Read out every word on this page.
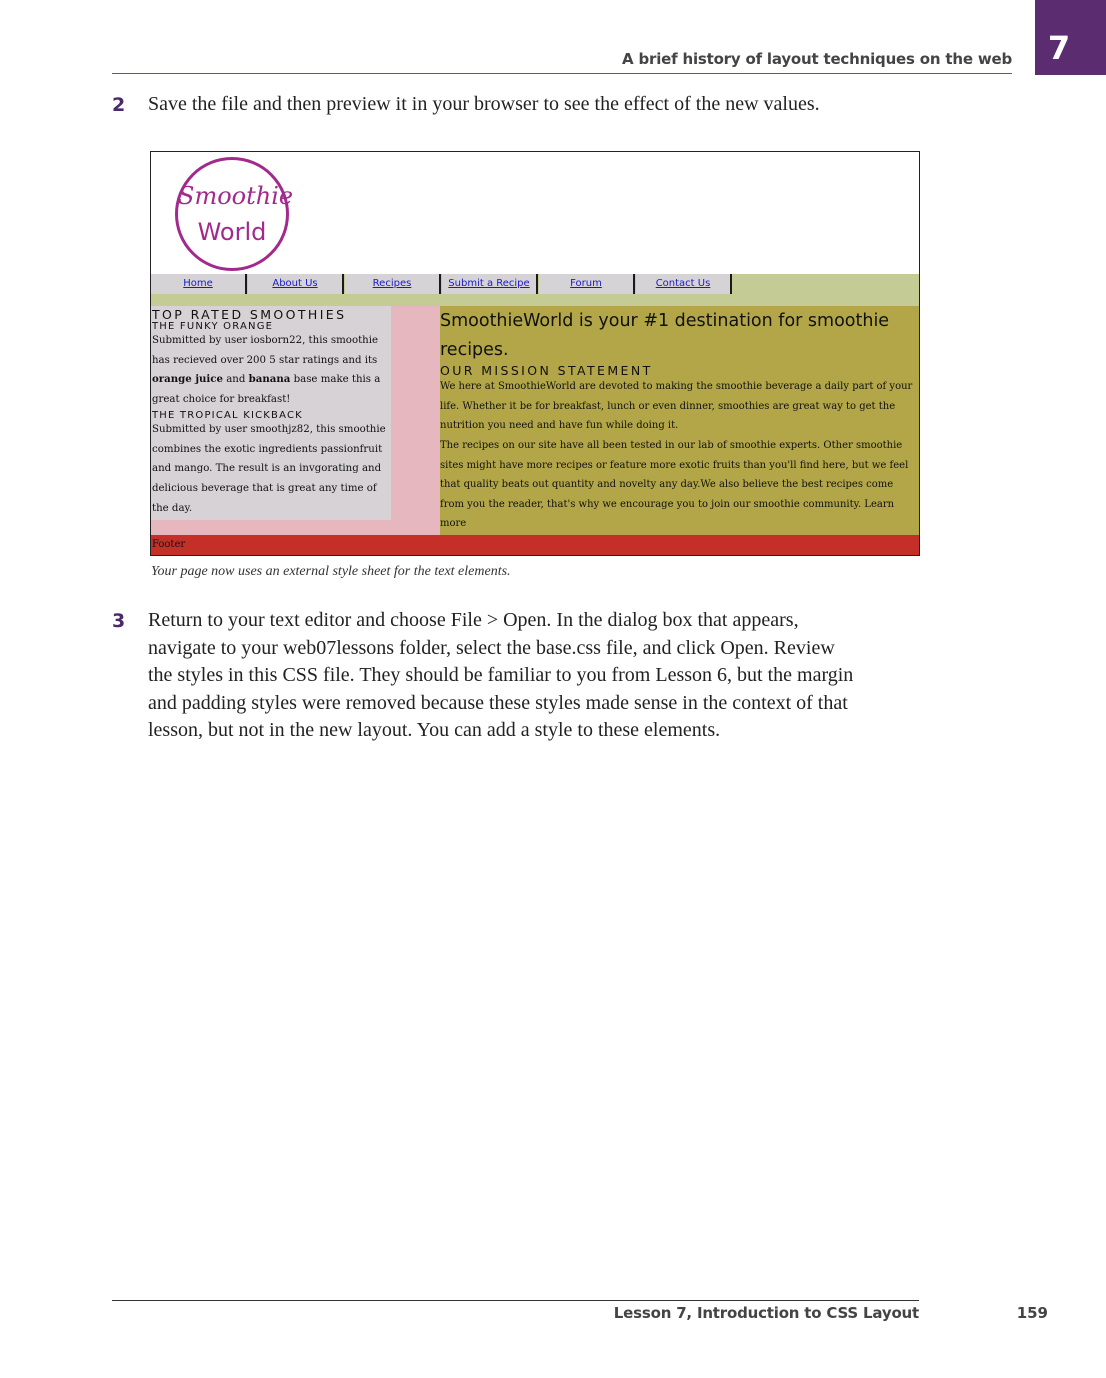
A brief history of layout techniques on the web	7
2 Save the file and then preview it in your browser to see the effect of the new values.
Smoothie
World
Home	About Us	Recipes	Submit a Recipe	Forum	Contact Us
TOP RATED SMOOTHIES
THE FUNKY ORANGE
Submitted by user iosborn22, this smoothie has recieved over 200 5 star ratings and its orange juice and banana base make this a great choice for breakfast!
THE TROPICAL KICKBACK
Submitted by user smoothjz82, this smoothie combines the exotic ingredients passionfruit and mango. The result is an invgorating and delicious beverage that is great any time of the day.
SmoothieWorld is your #1 destination for smoothie recipes.
OUR MISSION STATEMENT
We here at SmoothieWorld are devoted to making the smoothie beverage a daily part of your life. Whether it be for breakfast, lunch or even dinner, smoothies are great way to get the nutrition you need and have fun while doing it.
The recipes on our site have all been tested in our lab of smoothie experts. Other smoothie sites might have more recipes or feature more exotic fruits than you'll find here, but we feel that quality beats out quantity and novelty any day.We also believe the best recipes come from you the reader, that's why we encourage you to join our smoothie community. Learn more
Footer
Your page now uses an external style sheet for the text elements.
3 Return to your text editor and choose File > Open. In the dialog box that appears,
navigate to your web07lessons folder, select the base.css file, and click Open. Review
the styles in this CSS file. They should be familiar to you from Lesson 6, but the margin
and padding styles were removed because these styles made sense in the context of that
lesson, but not in the new layout. You can add a style to these elements.
Lesson 7, Introduction to CSS Layout	159
